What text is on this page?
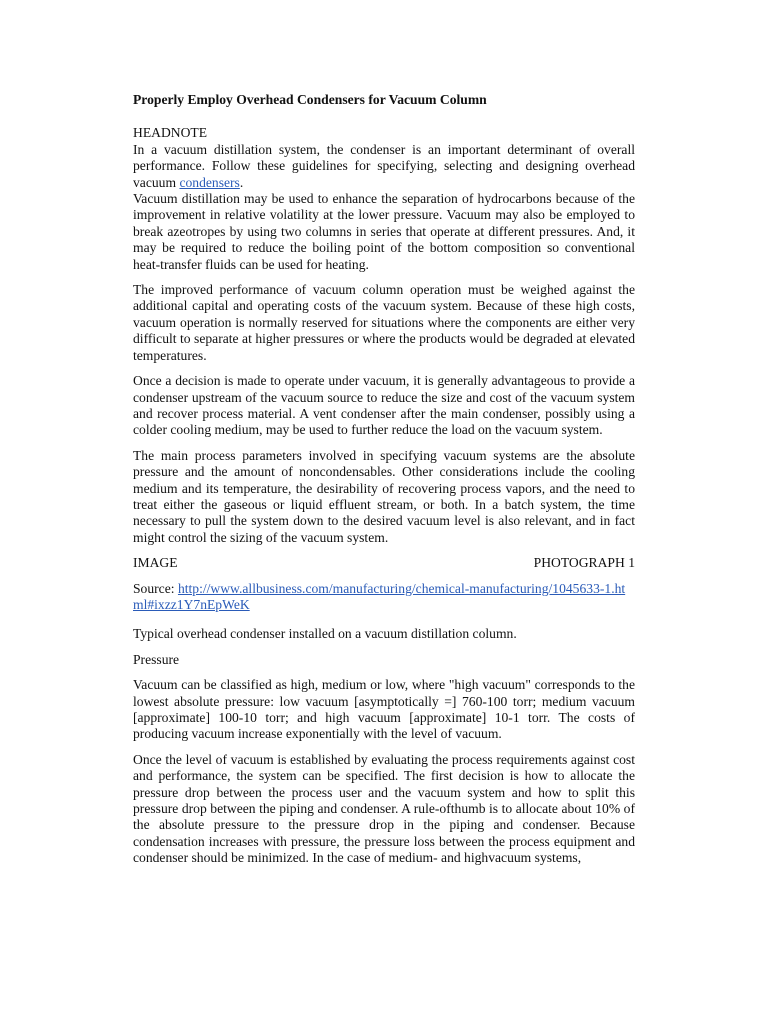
Properly Employ Overhead Condensers for Vacuum Column
HEADNOTE
In a vacuum distillation system, the condenser is an important determinant of overall performance. Follow these guidelines for specifying, selecting and designing overhead vacuum condensers.
Vacuum distillation may be used to enhance the separation of hydrocarbons because of the improvement in relative volatility at the lower pressure. Vacuum may also be employed to break azeotropes by using two columns in series that operate at different pressures. And, it may be required to reduce the boiling point of the bottom composition so conventional heat-transfer fluids can be used for heating.
The improved performance of vacuum column operation must be weighed against the additional capital and operating costs of the vacuum system. Because of these high costs, vacuum operation is normally reserved for situations where the components are either very difficult to separate at higher pressures or where the products would be degraded at elevated temperatures.
Once a decision is made to operate under vacuum, it is generally advantageous to provide a condenser upstream of the vacuum source to reduce the size and cost of the vacuum system and recover process material. A vent condenser after the main condenser, possibly using a colder cooling medium, may be used to further reduce the load on the vacuum system.
The main process parameters involved in specifying vacuum systems are the absolute pressure and the amount of noncondensables. Other considerations include the cooling medium and its temperature, the desirability of recovering process vapors, and the need to treat either the gaseous or liquid effluent stream, or both. In a batch system, the time necessary to pull the system down to the desired vacuum level is also relevant, and in fact might control the sizing of the vacuum system.
IMAGE	PHOTOGRAPH 1
Source: http://www.allbusiness.com/manufacturing/chemical-manufacturing/1045633-1.html#ixzz1Y7nEpWeK
Typical overhead condenser installed on a vacuum distillation column.
Pressure
Vacuum can be classified as high, medium or low, where "high vacuum" corresponds to the lowest absolute pressure: low vacuum [asymptotically =] 760-100 torr; medium vacuum [approximate] 100-10 torr; and high vacuum [approximate] 10-1 torr. The costs of producing vacuum increase exponentially with the level of vacuum.
Once the level of vacuum is established by evaluating the process requirements against cost and performance, the system can be specified. The first decision is how to allocate the pressure drop between the process user and the vacuum system and how to split this pressure drop between the piping and condenser. A rule-ofthumb is to allocate about 10% of the absolute pressure to the pressure drop in the piping and condenser. Because condensation increases with pressure, the pressure loss between the process equipment and condenser should be minimized. In the case of medium- and highvacuum systems,
